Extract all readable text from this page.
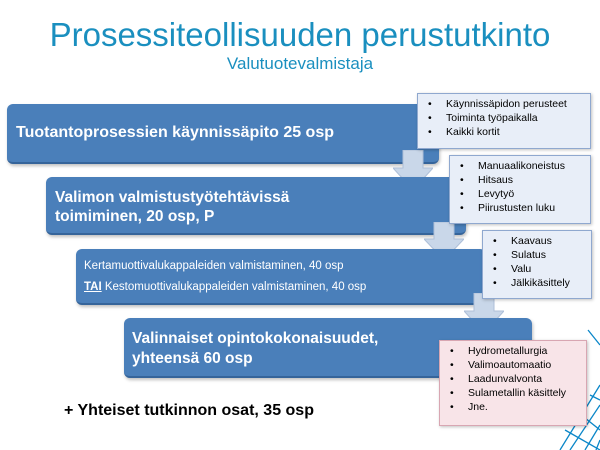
Prosessiteollisuuden perustutkinto
Valutuotevalmistaja
Tuotantoprosessien käynnissäpito 25 osp
Valimon valmistustyötehtävissä
toimiminen, 20 osp, P
Kertamuottivalukappaleiden valmistaminen, 40 osp
TAI Kestomuottivalukappaleiden valmistaminen, 40 osp
Valinnaiset opintokokonaisuudet,
yhteensä 60 osp
• Käynnissäpidon perusteet
• Toiminta työpaikalla
• Kaikki kortit
• Manuaalikoneistus
• Hitsaus
• Levytyö
• Piirustusten luku
• Kaavaus
• Sulatus
• Valu
• Jälkikäsittely
• Hydrometallurgia
• Valimoautomaatio
• Laadunvalvonta
• Sulametallin käsittely
• Jne.
+ Yhteiset tutkinnon osat, 35 osp
